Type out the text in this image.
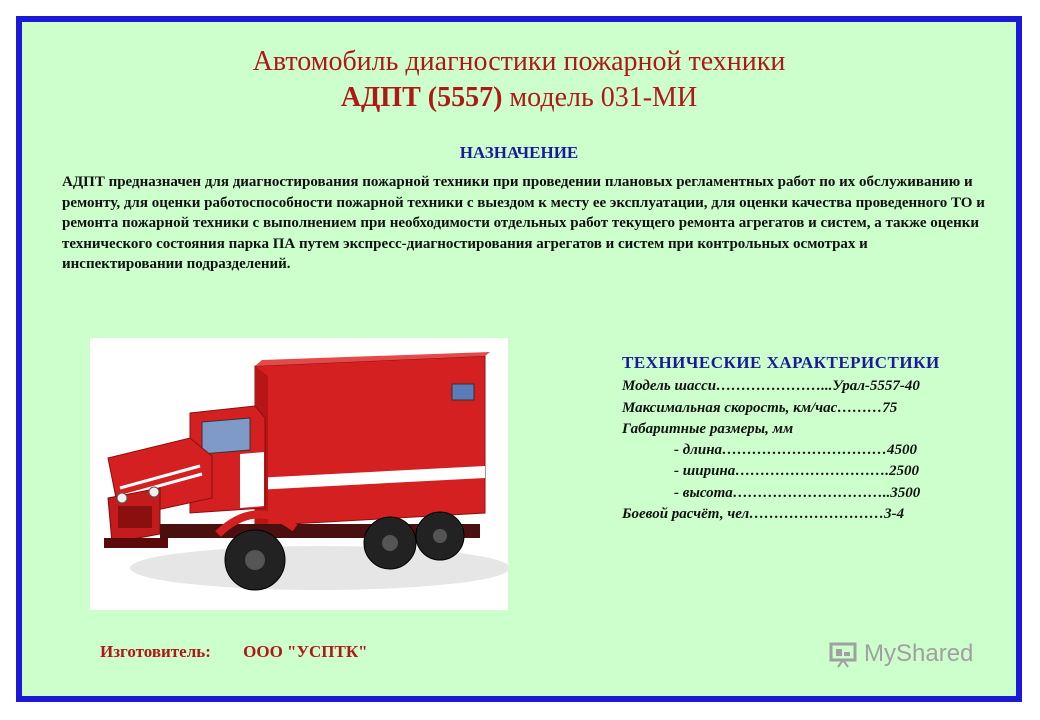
Автомобиль диагностики пожарной техники
АДПТ (5557) модель 031-МИ
НАЗНАЧЕНИЕ
АДПТ предназначен для диагностирования пожарной техники при проведении плановых регламентных работ по их обслуживанию и ремонту, для оценки работоспособности пожарной техники с выездом к месту ее эксплуатации, для оценки качества проведенного ТО и ремонта пожарной техники с выполнением при необходимости отдельных работ текущего ремонта агрегатов и систем, а также оценки технического состояния парка ПА путем экспресс-диагностирования агрегатов и систем при контрольных осмотрах и инспектировании подразделений.
ТЕХНИЧЕСКИЕ ХАРАКТЕРИСТИКИ
Модель шасси…………………...Урал-5557-40
Максимальная скорость, км/час………75
Габаритные размеры, мм
- длина……………………………4500
- ширина………………………….2500
- высота…………………………..3500
Боевой расчёт, чел………………………3-4
Изготовитель: ООО "УСПТК"	MyShared
